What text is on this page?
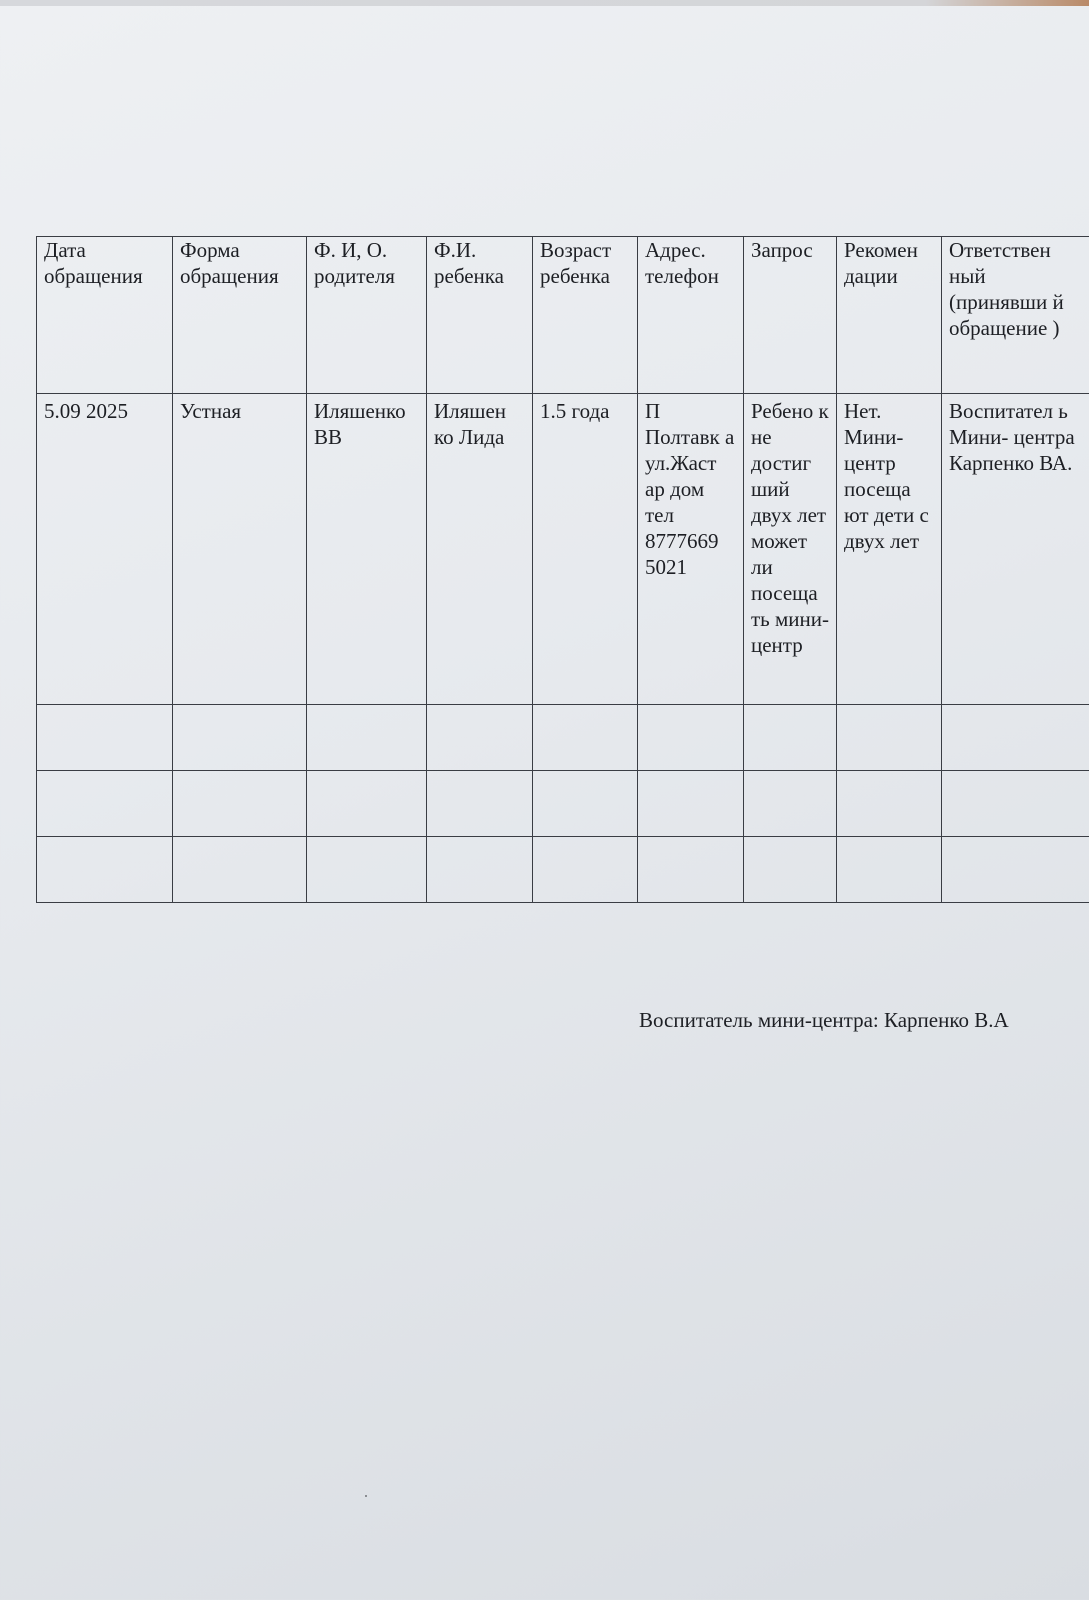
Дата обращения	Форма обращения	Ф. И, О. родителя	Ф.И. ребенка	Возраст ребенка	Адрес. телефон	Запрос	Рекомен дации	Ответствен ный (принявши й обращение )
5.09 2025	Устная	Иляшенко ВВ	Иляшен ко Лида	1.5 года	П Полтавк а ул.Жаст ар дом тел 8777669 5021	Ребено к не достиг ший двух лет может ли посеща ть мини- центр	Нет. Мини- центр посеща ют дети с двух лет	Воспитател ь Мини- центра Карпенко ВА.

Воспитатель мини-центра: Карпенко В.А
